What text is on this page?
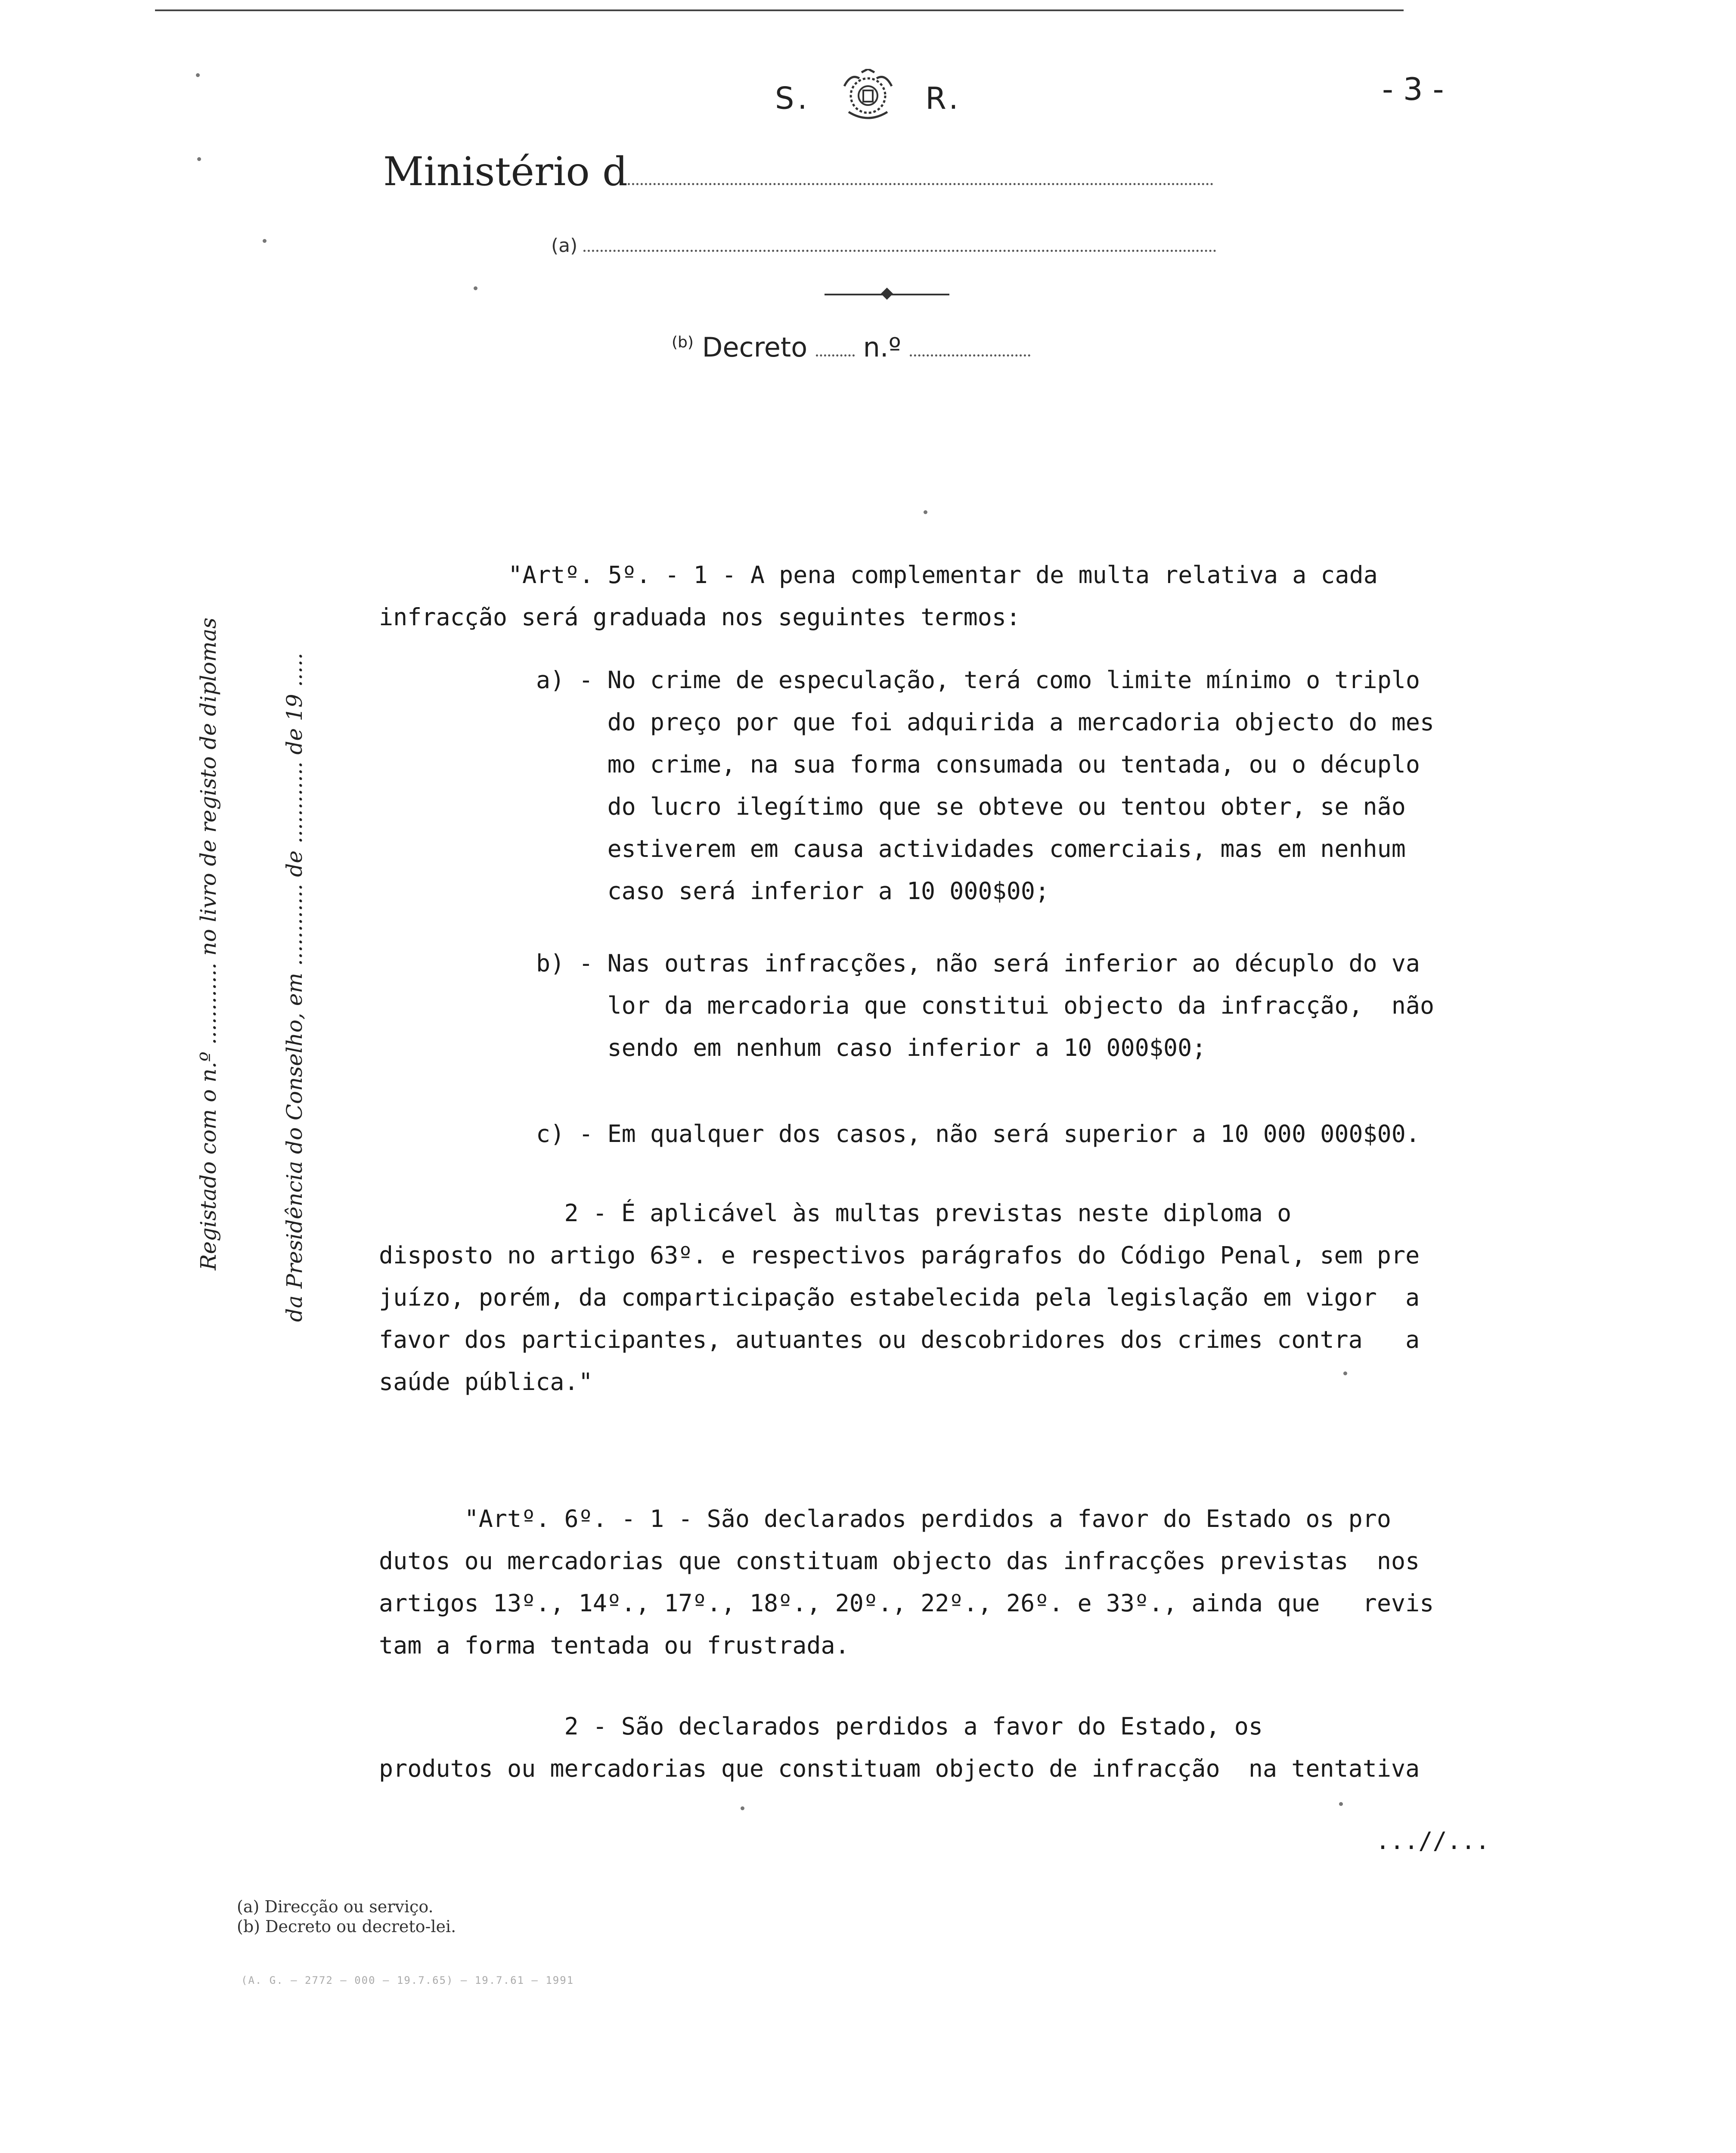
S.	R.	- 3 -
Ministério d
(a)
$^{(b)}$ Decreto n.º
Registado com o n.º ............ no livro de registo de diplomas	da Presidência do Conselho, em ............ de ............ de 19 .....
"Artº. 5º. - 1 - A pena complementar de multa relativa a cada
infracção será graduada nos seguintes termos:
a) - No crime de especulação, terá como limite mínimo o triplo
do preço por que foi adquirida a mercadoria objecto do mes
mo crime, na sua forma consumada ou tentada, ou o décuplo
do lucro ilegítimo que se obteve ou tentou obter, se não
estiverem em causa actividades comerciais, mas em nenhum
caso será inferior a 10 000$00;
b) - Nas outras infracções, não será inferior ao décuplo do va
lor da mercadoria que constitui objecto da infracção,  não
sendo em nenhum caso inferior a 10 000$00;
c) - Em qualquer dos casos, não será superior a 10 000 000$00.
2 - É aplicável às multas previstas neste diploma o
disposto no artigo 63º. e respectivos parágrafos do Código Penal, sem pre
juízo, porém, da comparticipação estabelecida pela legislação em vigor  a
favor dos participantes, autuantes ou descobridores dos crimes contra   a
saúde pública."
"Artº. 6º. - 1 - São declarados perdidos a favor do Estado os pro
dutos ou mercadorias que constituam objecto das infracções previstas  nos
artigos 13º., 14º., 17º., 18º., 20º., 22º., 26º. e 33º., ainda que   revis
tam a forma tentada ou frustrada.
2 - São declarados perdidos a favor do Estado, os
produtos ou mercadorias que constituam objecto de infracção  na tentativa
...//...
(a) Direcção ou serviço.
(b) Decreto ou decreto-lei.
(A. G. – 2772 – 000 – 19.7.65) – 19.7.61 – 1991
